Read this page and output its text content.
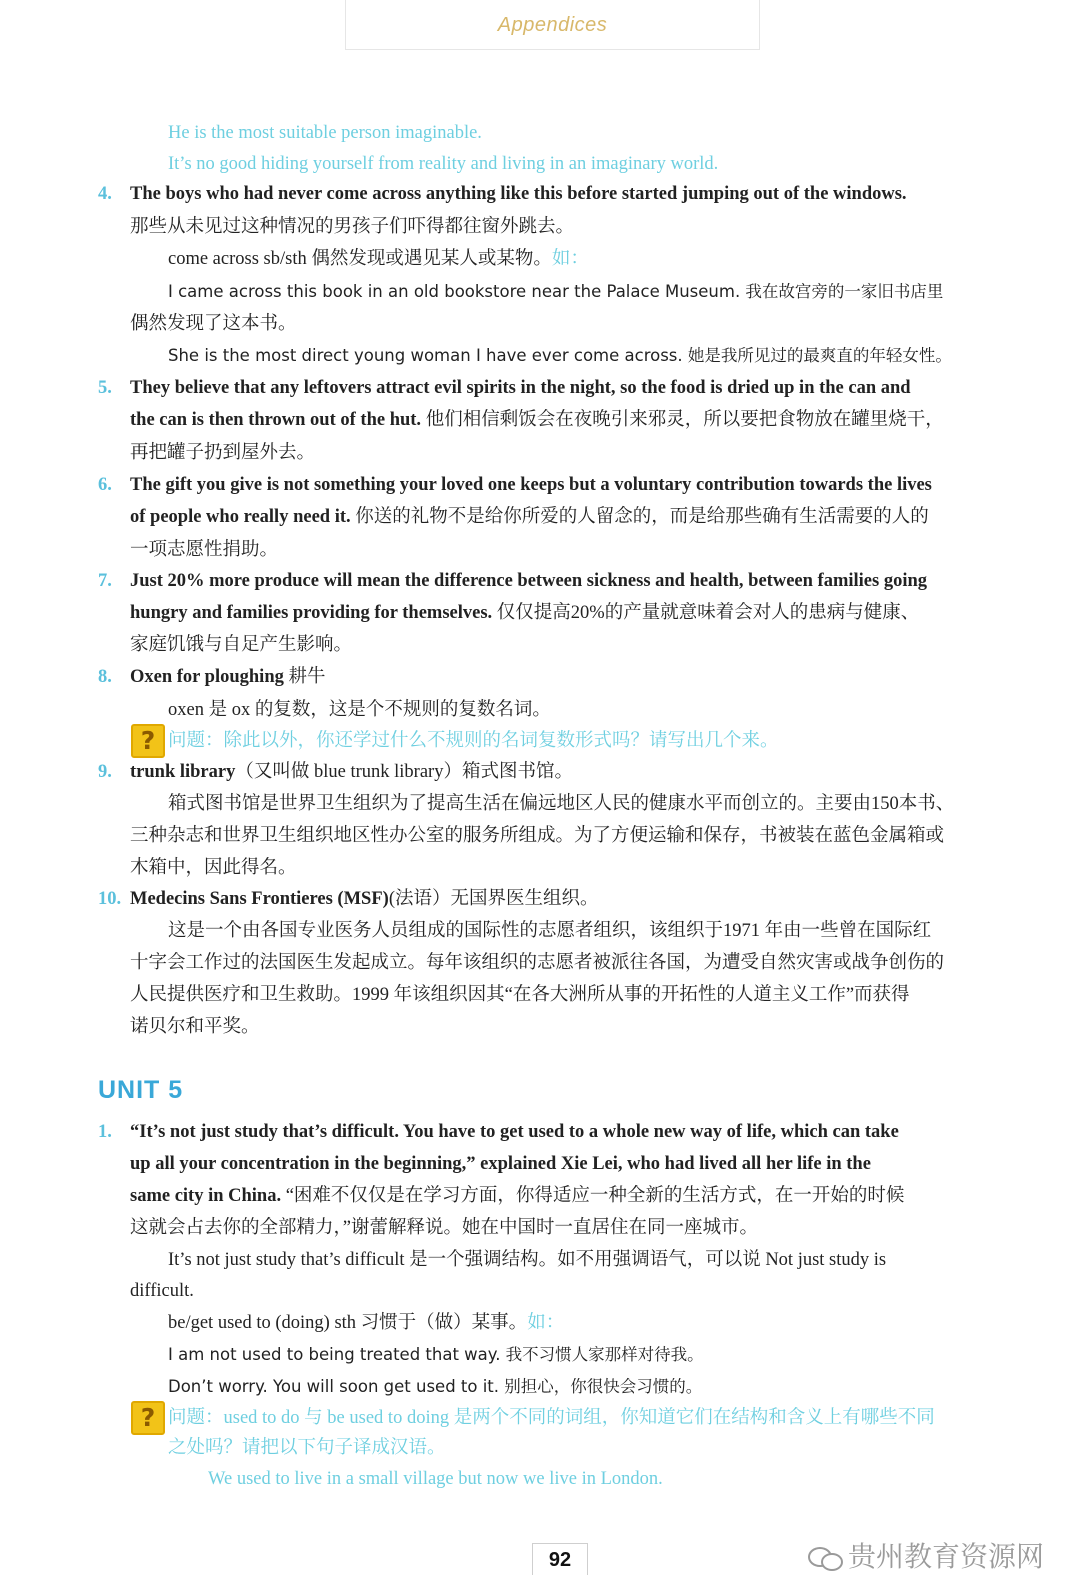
Appendices
He is the most suitable person imaginable.
It’s no good hiding yourself from reality and living in an imaginary world.
4. The boys who had never come across anything like this before started jumping out of the windows.
那些从未见过这种情况的男孩子们吓得都往窗外跳去。
come across sb/sth 偶然发现或遇见某人或某物。如：
I came across this book in an old bookstore near the Palace Museum. 我在故宫旁的一家旧书店里
偶然发现了这本书。
She is the most direct young woman I have ever come across. 她是我所见过的最爽直的年轻女性。
5. They believe that any leftovers attract evil spirits in the night, so the food is dried up in the can and
the can is then thrown out of the hut. 他们相信剩饭会在夜晚引来邪灵，所以要把食物放在罐里烧干，
再把罐子扔到屋外去。
6. The gift you give is not something your loved one keeps but a voluntary contribution towards the lives
of people who really need it. 你送的礼物不是给你所爱的人留念的，而是给那些确有生活需要的人的
一项志愿性捐助。
7. Just 20% more produce will mean the difference between sickness and health, between families going
hungry and families providing for themselves. 仅仅提高20%的产量就意味着会对人的患病与健康、
家庭饥饿与自足产生影响。
8. Oxen for ploughing 耕牛
oxen 是 ox 的复数，这是个不规则的复数名词。
? 问题：除此以外，你还学过什么不规则的名词复数形式吗？请写出几个来。
9. trunk library（又叫做 blue trunk library）箱式图书馆。
箱式图书馆是世界卫生组织为了提高生活在偏远地区人民的健康水平而创立的。主要由150本书、
三种杂志和世界卫生组织地区性办公室的服务所组成。为了方便运输和保存，书被装在蓝色金属箱或
木箱中，因此得名。
10. Medecins Sans Frontieres (MSF)(法语）无国界医生组织。
这是一个由各国专业医务人员组成的国际性的志愿者组织，该组织于1971 年由一些曾在国际红
十字会工作过的法国医生发起成立。每年该组织的志愿者被派往各国，为遭受自然灾害或战争创伤的
人民提供医疗和卫生救助。1999 年该组织因其“在各大洲所从事的开拓性的人道主义工作”而获得
诺贝尔和平奖。
UNIT 5
1. “It’s not just study that’s difficult. You have to get used to a whole new way of life, which can take
up all your concentration in the beginning,” explained Xie Lei, who had lived all her life in the
same city in China. “困难不仅仅是在学习方面，你得适应一种全新的生活方式，在一开始的时候
这就会占去你的全部精力，”谢蕾解释说。她在中国时一直居住在同一座城市。
It’s not just study that’s difficult 是一个强调结构。如不用强调语气，可以说 Not just study is
difficult.
be/get used to (doing) sth 习惯于（做）某事。如：
I am not used to being treated that way. 我不习惯人家那样对待我。
Don’t worry. You will soon get used to it. 别担心，你很快会习惯的。
? 问题：used to do 与 be used to doing 是两个不同的词组，你知道它们在结构和含义上有哪些不同
之处吗？请把以下句子译成汉语。
We used to live in a small village but now we live in London.
92	贵州教育资源网
